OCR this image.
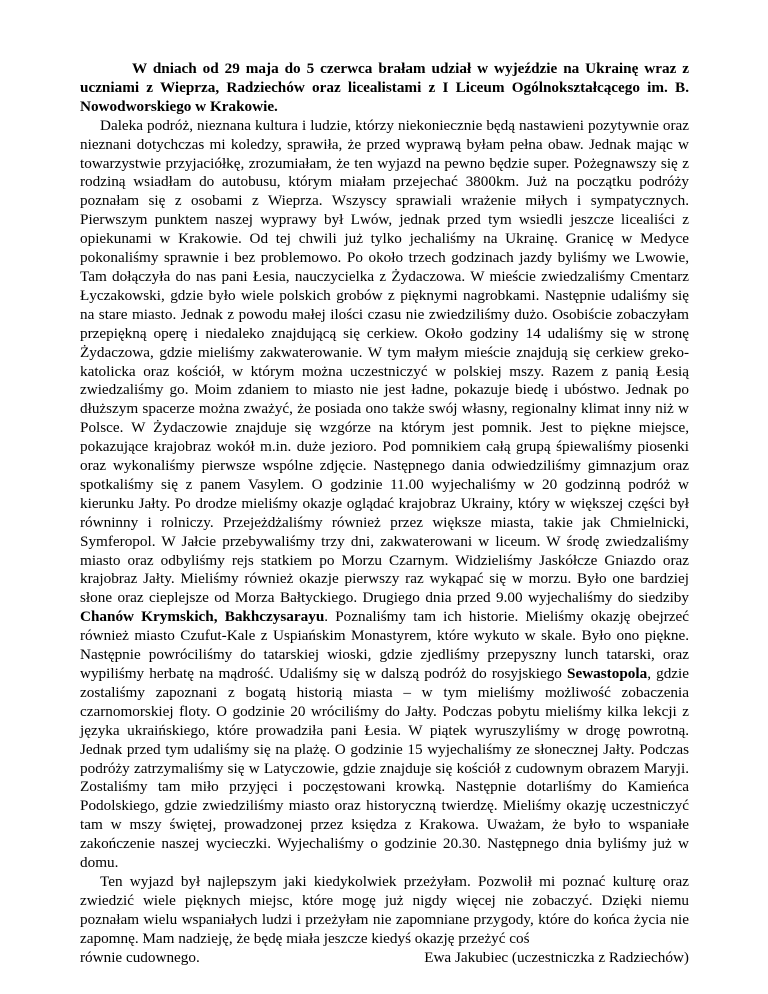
W dniach od 29 maja do 5 czerwca brałam udział w wyjeździe na Ukrainę wraz z uczniami z Wieprza, Radziechów oraz licealistami z I Liceum Ogólnokształcącego im. B. Nowodworskiego w Krakowie.

Daleka podróż, nieznana kultura i ludzie, którzy niekoniecznie będą nastawieni pozytywnie oraz nieznani dotychczas mi koledzy, sprawiła, że przed wyprawą byłam pełna obaw. Jednak mając w towarzystwie przyjaciółkę, zrozumiałam, że ten wyjazd na pewno będzie super. Pożegnawszy się z rodziną wsiadłam do autobusu, którym miałam przejechać 3800km. Już na początku podróży poznałam się z osobami z Wieprza. Wszyscy sprawiali wrażenie miłych i sympatycznych. Pierwszym punktem naszej wyprawy był Lwów, jednak przed tym wsiedli jeszcze licealiści z opiekunami w Krakowie. Od tej chwili już tylko jechaliśmy na Ukrainę. Granicę w Medyce pokonaliśmy sprawnie i bez problemowo. Po około trzech godzinach jazdy byliśmy we Lwowie, Tam dołączyła do nas pani Łesia, nauczycielka z Żydaczowa. W mieście zwiedzaliśmy Cmentarz Łyczakowski, gdzie było wiele polskich grobów z pięknymi nagrobkami. Następnie udaliśmy się na stare miasto. Jednak z powodu małej ilości czasu nie zwiedziliśmy dużo. Osobiście zobaczyłam przepiękną operę i niedaleko znajdującą się cerkiew. Około godziny 14 udaliśmy się w stronę Żydaczowa, gdzie mieliśmy zakwaterowanie. W tym małym mieście znajdują się cerkiew greko- katolicka oraz kościół, w którym można uczestniczyć w polskiej mszy. Razem z panią Łesią zwiedzaliśmy go. Moim zdaniem to miasto nie jest ładne, pokazuje biedę i ubóstwo. Jednak po dłuższym spacerze można zważyć, że posiada ono także swój własny, regionalny klimat inny niż w Polsce. W Żydaczowie znajduje się wzgórze na którym jest pomnik. Jest to piękne miejsce, pokazujące krajobraz wokół m.in. duże jezioro. Pod pomnikiem całą grupą śpiewaliśmy piosenki oraz wykonaliśmy pierwsze wspólne zdjęcie. Następnego dania odwiedziliśmy gimnazjum oraz spotkaliśmy się z panem Vasylem. O godzinie 11.00 wyjechaliśmy w 20 godzinną podróż w kierunku Jałty. Po drodze mieliśmy okazje oglądać krajobraz Ukrainy, który w większej części był równinny i rolniczy. Przejeżdżaliśmy również przez większe miasta, takie jak Chmielnicki, Symferopol. W Jałcie przebywaliśmy trzy dni, zakwaterowani w liceum. W środę zwiedzaliśmy miasto oraz odbyliśmy rejs statkiem po Morzu Czarnym. Widzieliśmy Jaskółcze Gniazdo oraz krajobraz Jałty. Mieliśmy również okazje pierwszy raz wykąpać się w morzu. Było one bardziej słone oraz cieplejsze od Morza Bałtyckiego. Drugiego dnia przed 9.00 wyjechaliśmy do siedziby Chanów Krymskich, Bakhczysarayu. Poznaliśmy tam ich historie. Mieliśmy okazję obejrzeć również miasto Czufut-Kale z Uspiańskim Monastyrem, które wykuto w skale. Było ono piękne. Następnie powróciliśmy do tatarskiej wioski, gdzie zjedliśmy przepyszny lunch tatarski, oraz wypiliśmy herbatę na mądrość. Udaliśmy się w dalszą podróż do rosyjskiego Sewastopola, gdzie zostaliśmy zapoznani z bogatą historią miasta – w tym mieliśmy możliwość zobaczenia czarnomorskiej floty. O godzinie 20 wróciliśmy do Jałty. Podczas pobytu mieliśmy kilka lekcji z języka ukraińskiego, które prowadziła pani Łesia. W piątek wyruszyliśmy w drogę powrotną. Jednak przed tym udaliśmy się na plażę. O godzinie 15 wyjechaliśmy ze słonecznej Jałty. Podczas podróży zatrzymaliśmy się w Latyczowie, gdzie znajduje się kościół z cudownym obrazem Maryji. Zostaliśmy tam miło przyjęci i poczęstowani krowką. Następnie dotarliśmy do Kamieńca Podolskiego, gdzie zwiedziliśmy miasto oraz historyczną twierdzę. Mieliśmy okazję uczestniczyć tam w mszy świętej, prowadzonej przez księdza z Krakowa. Uważam, że było to wspaniałe zakończenie naszej wycieczki. Wyjechaliśmy o godzinie 20.30. Następnego dnia byliśmy już w domu.

Ten wyjazd był najlepszym jaki kiedykolwiek przeżyłam. Pozwolił mi poznać kulturę oraz zwiedzić wiele pięknych miejsc, które mogę już nigdy więcej nie zobaczyć. Dzięki niemu poznałam wielu wspaniałych ludzi i przeżyłam nie zapomniane przygody, które do końca życia nie zapomnę. Mam nadzieję, że będę miała jeszcze kiedyś okazję przeżyć coś

równie cudownego.	Ewa Jakubiec (uczestniczka z Radziechów)
